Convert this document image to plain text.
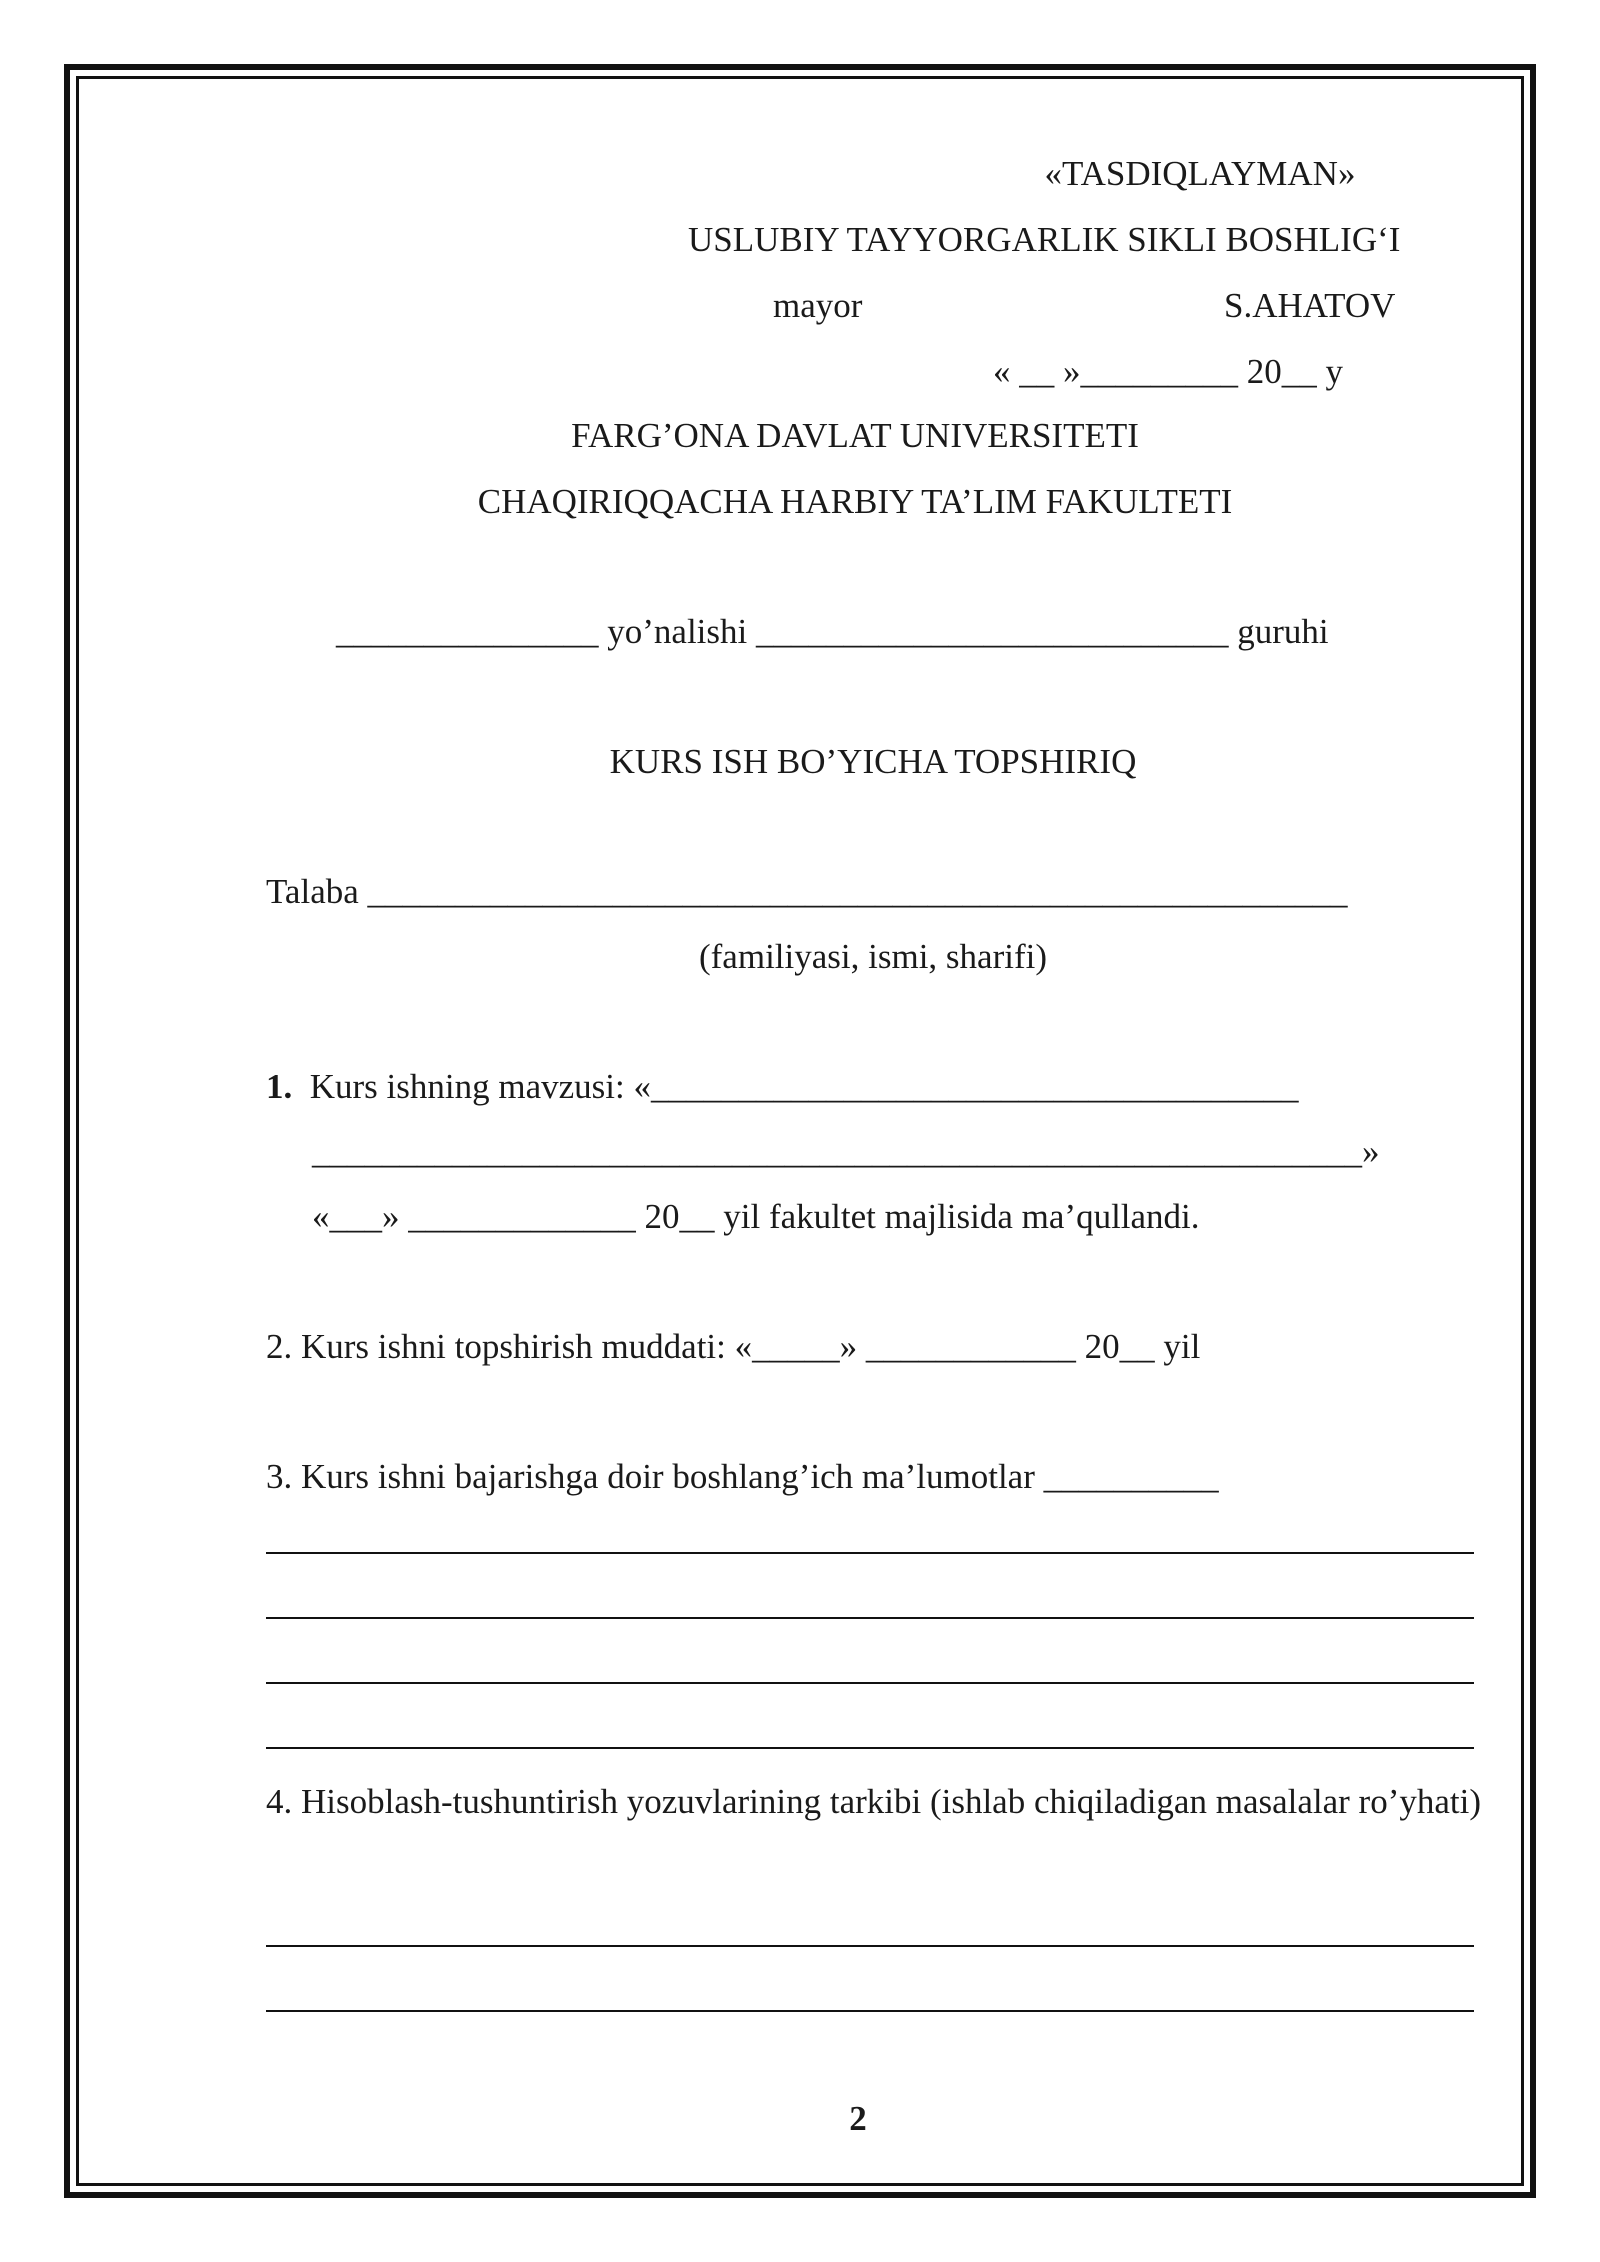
«TASDIQLAYMAN»
USLUBIY TAYYORGARLIK SIKLI BOSHLIG‘I
mayor	S.AHATOV
« __ »_________ 20__ y
FARG’ONA DAVLAT UNIVERSITETI
CHAQIRIQQACHA HARBIY TA’LIM FAKULTETI
_______________ yo’nalishi ___________________________ guruhi
KURS ISH BO’YICHA TOPSHIRIQ
Talaba ________________________________________________________
(familiyasi, ismi, sharifi)
1. Kurs ishning mavzusi: «_____________________________________
____________________________________________________________»
«___» _____________ 20__ yil fakultet majlisida ma’qullandi.
2. Kurs ishni topshirish muddati: «_____» ____________ 20__ yil
3. Kurs ishni bajarishga doir boshlang’ich ma’lumotlar __________
4. Hisoblash-tushuntirish yozuvlarining tarkibi (ishlab chiqiladigan masalalar ro’yhati)
2
